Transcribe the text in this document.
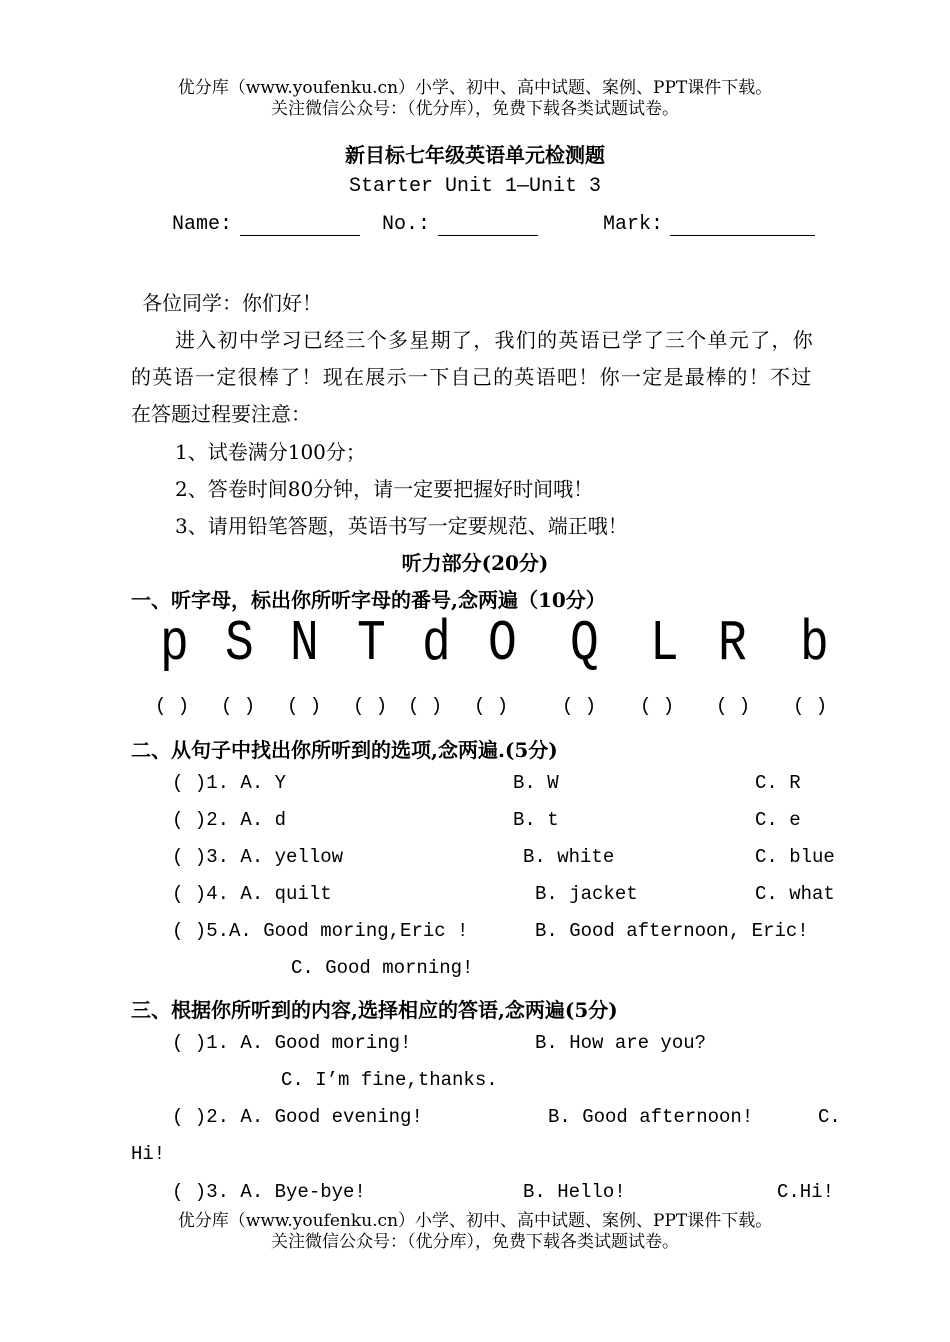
优分库（www.youfenku.cn）小学、初中、高中试题、案例、PPT课件下载。
关注微信公众号：（优分库），免费下载各类试题试卷。
新目标七年级英语单元检测题
Starter Unit 1—Unit 3
Name:	No.:	Mark:
各位同学：你们好！
进入初中学习已经三个多星期了，我们的英语已学了三个单元了，你
的英语一定很棒了！现在展示一下自己的英语吧！你一定是最棒的！不过
在答题过程要注意：
1、试卷满分100分；
2、答卷时间80分钟，请一定要把握好时间哦！
3、请用铅笔答题，英语书写一定要规范、端正哦！
听力部分(20分)
一、听字母，标出你所听字母的番号,念两遍（10分）
p S N T d O Q L R b
( ) ( ) ( ) ( ) ( ) ( )	( ) ( ) ( ) ( )
二、从句子中找出你所听到的选项,念两遍.(5分)
( )1. A. Y	B. W	C. R
( )2. A. d	B. t	C. e
( )3. A. yellow	B. white	C. blue
( )4. A. quilt	B. jacket	C. what
( )5.A. Good moring,Eric !	B. Good afternoon, Eric!
C. Good morning!
三、根据你所听到的内容,选择相应的答语,念两遍(5分)
( )1. A. Good moring!	B. How are you?
C. I’m fine,thanks.
( )2. A. Good evening!	B. Good afternoon!	C.
Hi!
( )3. A. Bye-bye!	B. Hello!	C.Hi!
优分库（www.youfenku.cn）小学、初中、高中试题、案例、PPT课件下载。
关注微信公众号：（优分库），免费下载各类试题试卷。
